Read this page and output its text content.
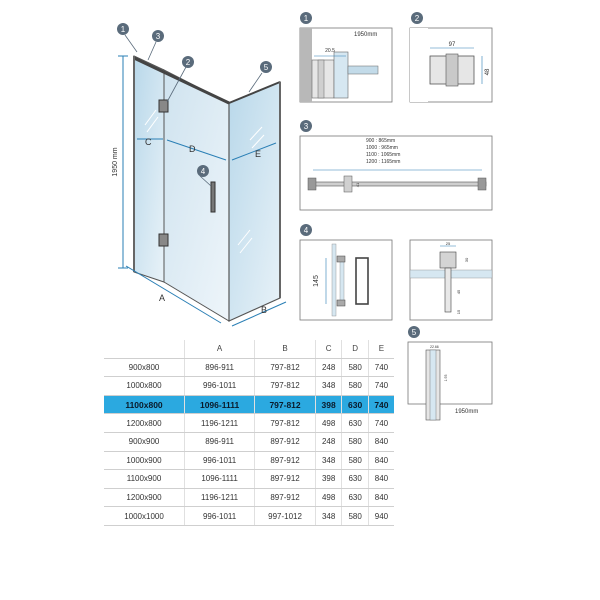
1950 mm
A
B
C
D	E
1
3
2
5
4
1
20.5
1950mm
2
97
48
3
900 : 865mm
1000 : 965mm
1100 : 1065mm
1200 : 1165mm
41
4
145
25
30
45
15
5
22.66
1.93
1950mm
	A	B	C	D	E
900x800	896-911	797-812	248	580	740
1000x800	996-1011	797-812	348	580	740
1100x800	1096-1111	797-812	398	630	740
1200x800	1196-1211	797-812	498	630	740
900x900	896-911	897-912	248	580	840
1000x900	996-1011	897-912	348	580	840
1100x900	1096-1111	897-912	398	630	840
1200x900	1196-1211	897-912	498	630	840
1000x1000	996-1011	997-1012	348	580	940
